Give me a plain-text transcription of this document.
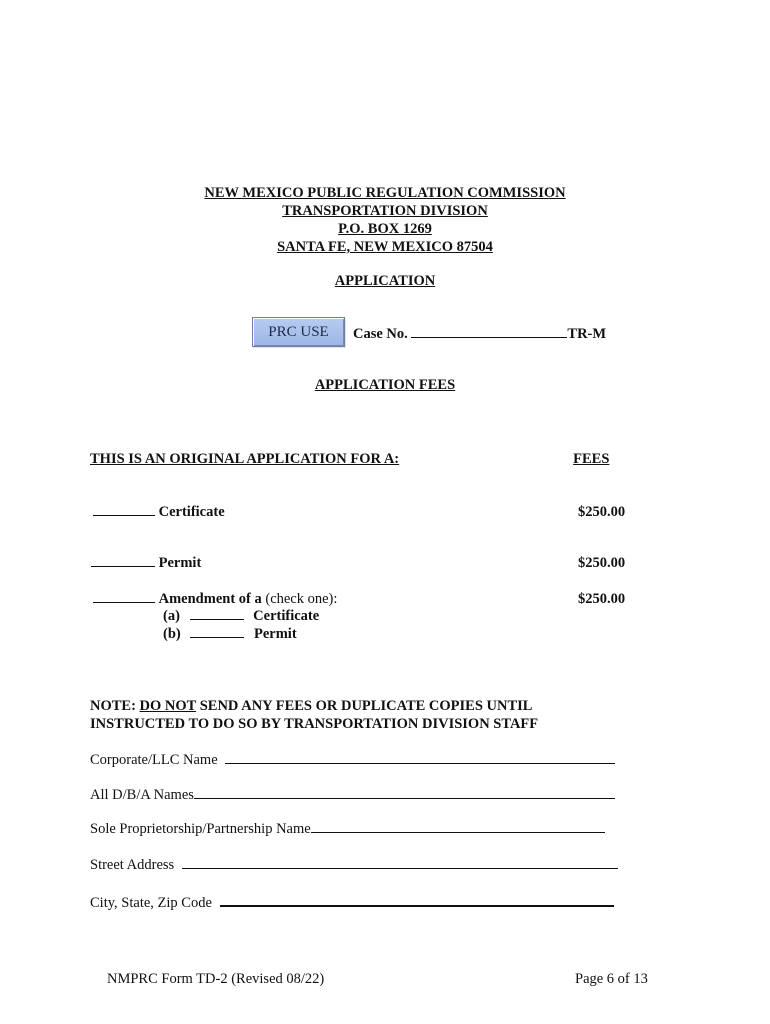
NEW MEXICO PUBLIC REGULATION COMMISSION
TRANSPORTATION DIVISION
P.O. BOX 1269
SANTA FE, NEW MEXICO 87504
APPLICATION
PRC USE	Case No.	TR-M
APPLICATION FEES
THIS IS AN ORIGINAL APPLICATION FOR A:	FEES
Certificate	$250.00
Permit	$250.00
Amendment of a (check one):	$250.00
(a)	Certificate
(b)	Permit
NOTE: DO NOT SEND ANY FEES OR DUPLICATE COPIES UNTIL
INSTRUCTED TO DO SO BY TRANSPORTATION DIVISION STAFF
Corporate/LLC Name
All D/B/A Names
Sole Proprietorship/Partnership Name
Street Address
City, State, Zip Code
NMPRC Form TD-2 (Revised 08/22)	Page 6 of 13
